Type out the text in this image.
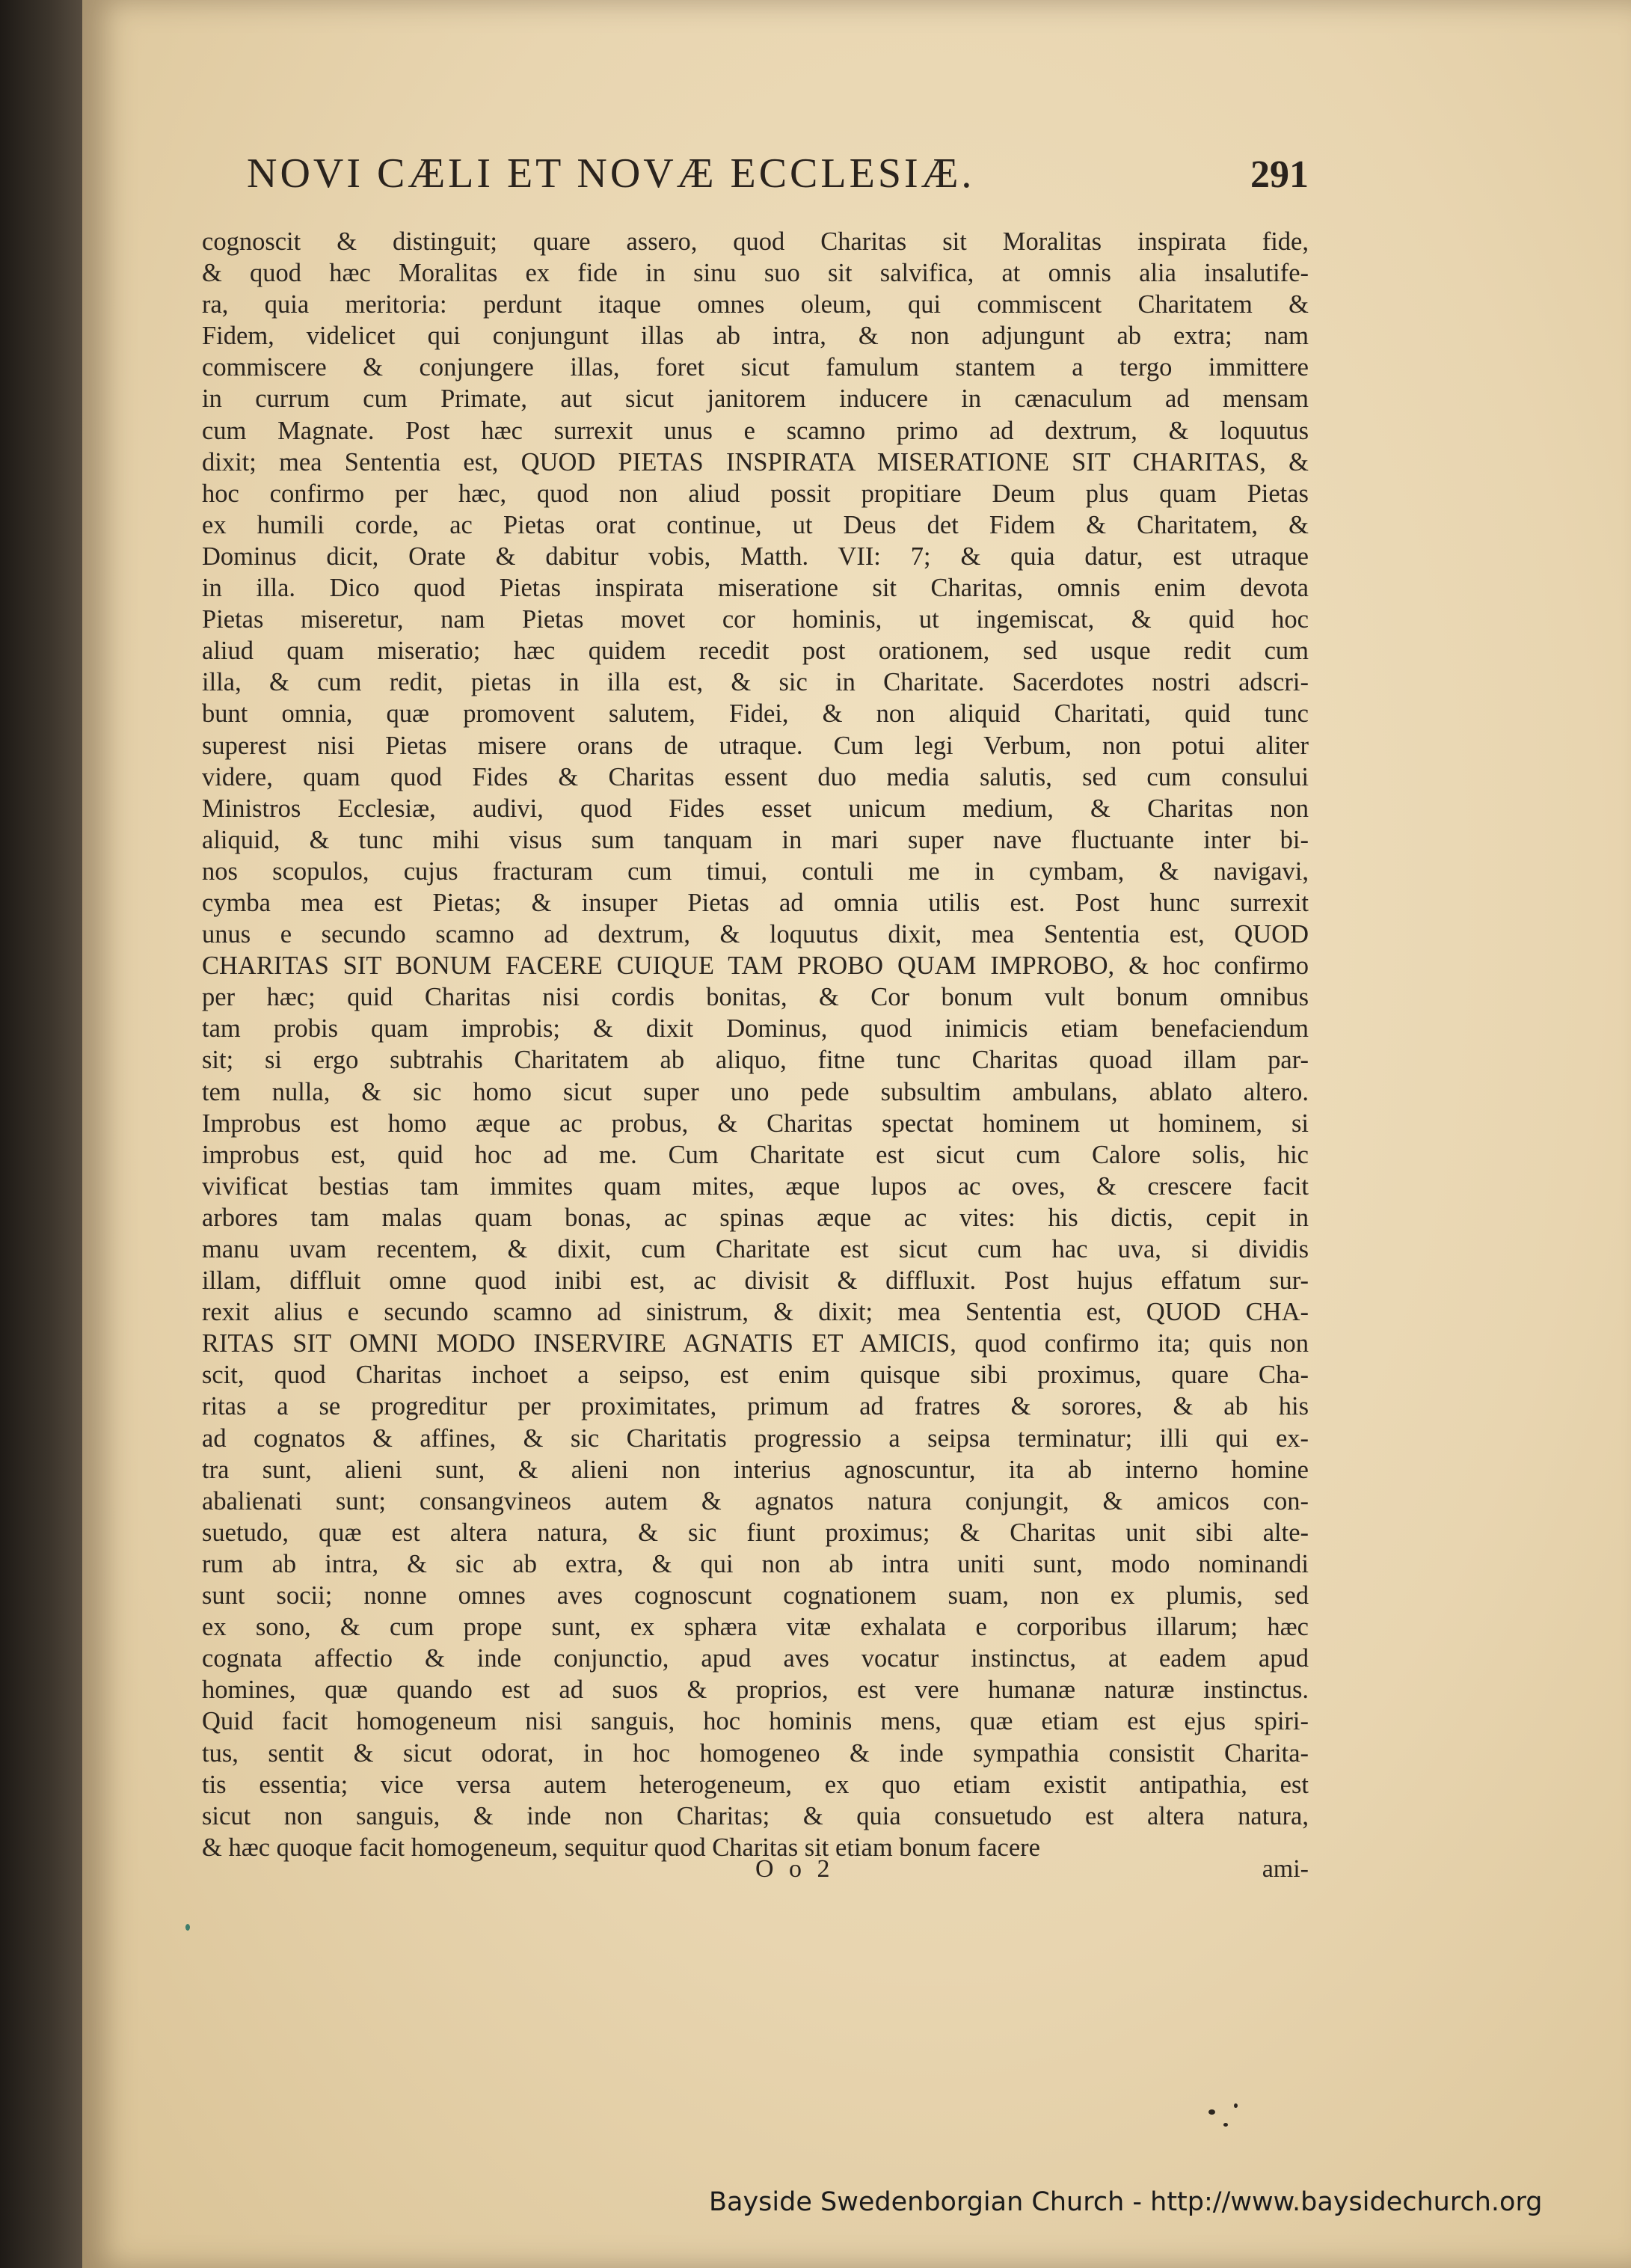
NOVI CÆLI ET NOVÆ ECCLESIÆ.	291
cognoscit & distinguit; quare assero, quod Charitas sit Moralitas inspirata fide,
& quod hæc Moralitas ex fide in sinu suo sit salvifica, at omnis alia insalutife-
ra, quia meritoria: perdunt itaque omnes oleum, qui commiscent Charitatem &
Fidem, videlicet qui conjungunt illas ab intra, & non adjungunt ab extra; nam
commiscere & conjungere illas, foret sicut famulum stantem a tergo immittere
in currum cum Primate, aut sicut janitorem inducere in cænaculum ad mensam
cum Magnate. Post hæc surrexit unus e scamno primo ad dextrum, & loquutus
dixit; mea Sententia est, QUOD PIETAS INSPIRATA MISERATIONE SIT CHARITAS, &
hoc confirmo per hæc, quod non aliud possit propitiare Deum plus quam Pietas
ex humili corde, ac Pietas orat continue, ut Deus det Fidem & Charitatem, &
Dominus dicit, Orate & dabitur vobis, Matth. VII: 7; & quia datur, est utraque
in illa. Dico quod Pietas inspirata miseratione sit Charitas, omnis enim devota
Pietas miseretur, nam Pietas movet cor hominis, ut ingemiscat, & quid hoc
aliud quam miseratio; hæc quidem recedit post orationem, sed usque redit cum
illa, & cum redit, pietas in illa est, & sic in Charitate. Sacerdotes nostri adscri-
bunt omnia, quæ promovent salutem, Fidei, & non aliquid Charitati, quid tunc
superest nisi Pietas misere orans de utraque. Cum legi Verbum, non potui aliter
videre, quam quod Fides & Charitas essent duo media salutis, sed cum consului
Ministros Ecclesiæ, audivi, quod Fides esset unicum medium, & Charitas non
aliquid, & tunc mihi visus sum tanquam in mari super nave fluctuante inter bi-
nos scopulos, cujus fracturam cum timui, contuli me in cymbam, & navigavi,
cymba mea est Pietas; & insuper Pietas ad omnia utilis est. Post hunc surrexit
unus e secundo scamno ad dextrum, & loquutus dixit, mea Sententia est, QUOD
CHARITAS SIT BONUM FACERE CUIQUE TAM PROBO QUAM IMPROBO, & hoc confirmo
per hæc; quid Charitas nisi cordis bonitas, & Cor bonum vult bonum omnibus
tam probis quam improbis; & dixit Dominus, quod inimicis etiam benefaciendum
sit; si ergo subtrahis Charitatem ab aliquo, fitne tunc Charitas quoad illam par-
tem nulla, & sic homo sicut super uno pede subsultim ambulans, ablato altero.
Improbus est homo æque ac probus, & Charitas spectat hominem ut hominem, si
improbus est, quid hoc ad me. Cum Charitate est sicut cum Calore solis, hic
vivificat bestias tam immites quam mites, æque lupos ac oves, & crescere facit
arbores tam malas quam bonas, ac spinas æque ac vites: his dictis, cepit in
manu uvam recentem, & dixit, cum Charitate est sicut cum hac uva, si dividis
illam, diffluit omne quod inibi est, ac divisit & diffluxit. Post hujus effatum sur-
rexit alius e secundo scamno ad sinistrum, & dixit; mea Sententia est, QUOD CHA-
RITAS SIT OMNI MODO INSERVIRE AGNATIS ET AMICIS, quod confirmo ita; quis non
scit, quod Charitas inchoet a seipso, est enim quisque sibi proximus, quare Cha-
ritas a se progreditur per proximitates, primum ad fratres & sorores, & ab his
ad cognatos & affines, & sic Charitatis progressio a seipsa terminatur; illi qui ex-
tra sunt, alieni sunt, & alieni non interius agnoscuntur, ita ab interno homine
abalienati sunt; consangvineos autem & agnatos natura conjungit, & amicos con-
suetudo, quæ est altera natura, & sic fiunt proximus; & Charitas unit sibi alte-
rum ab intra, & sic ab extra, & qui non ab intra uniti sunt, modo nominandi
sunt socii; nonne omnes aves cognoscunt cognationem suam, non ex plumis, sed
ex sono, & cum prope sunt, ex sphæra vitæ exhalata e corporibus illarum; hæc
cognata affectio & inde conjunctio, apud aves vocatur instinctus, at eadem apud
homines, quæ quando est ad suos & proprios, est vere humanæ naturæ instinctus.
Quid facit homogeneum nisi sanguis, hoc hominis mens, quæ etiam est ejus spiri-
tus, sentit & sicut odorat, in hoc homogeneo & inde sympathia consistit Charita-
tis essentia; vice versa autem heterogeneum, ex quo etiam existit antipathia, est
sicut non sanguis, & inde non Charitas; & quia consuetudo est altera natura,
& hæc quoque facit homogeneum, sequitur quod Charitas sit etiam bonum facere
O o 2	ami-
Bayside Swedenborgian Church - http://www.baysidechurch.org
